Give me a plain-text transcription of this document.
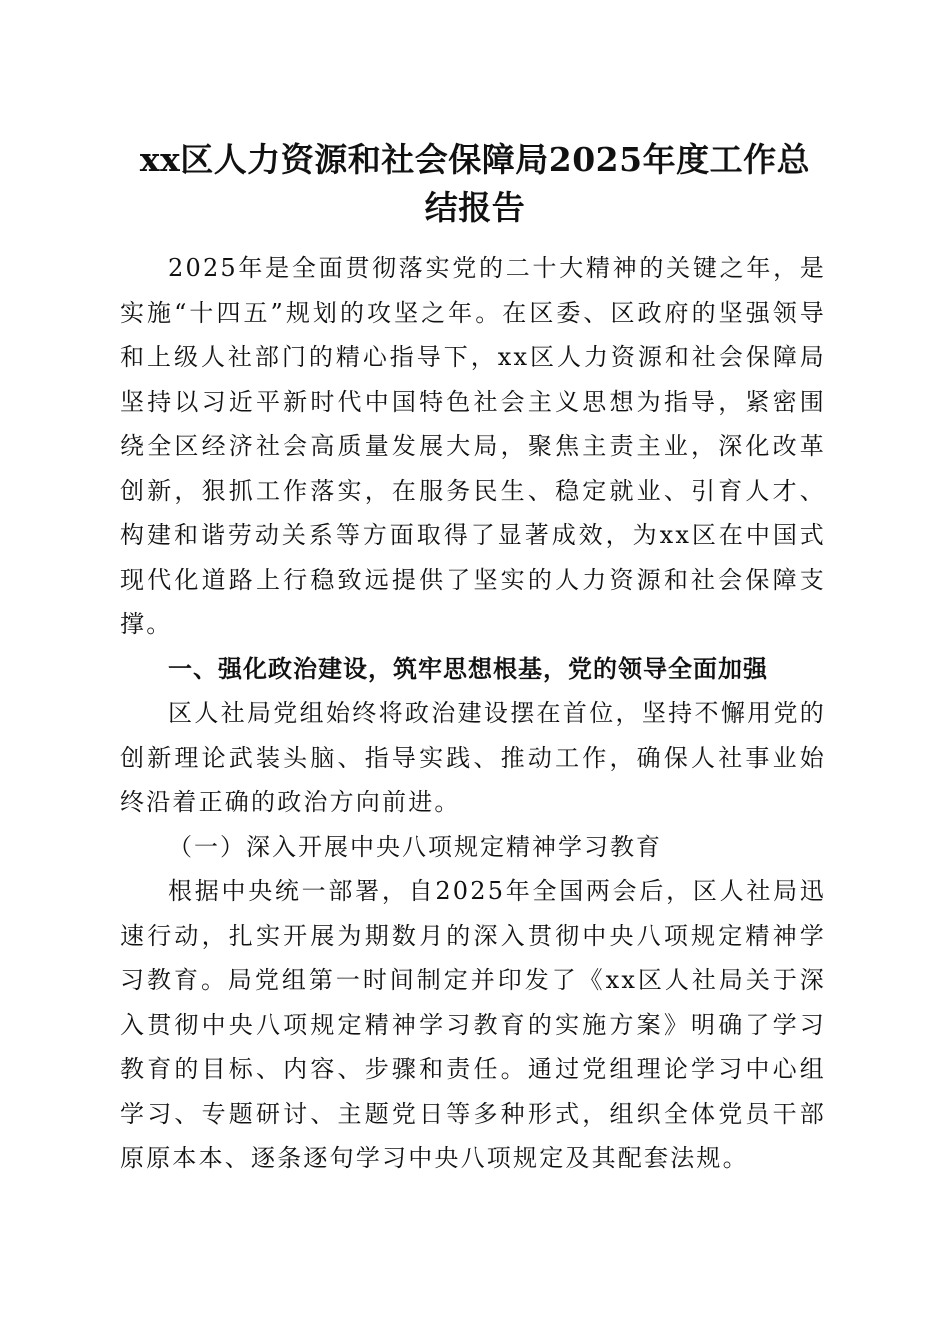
xx区人力资源和社会保障局2025年度工作总
结报告

2025年是全面贯彻落实党的二十大精神的关键之年，是实施“十四五”规划的攻坚之年。在区委、区政府的坚强领导和上级人社部门的精心指导下，xx区人力资源和社会保障局坚持以习近平新时代中国特色社会主义思想为指导，紧密围绕全区经济社会高质量发展大局，聚焦主责主业，深化改革创新，狠抓工作落实，在服务民生、稳定就业、引育人才、构建和谐劳动关系等方面取得了显著成效，为xx区在中国式现代化道路上行稳致远提供了坚实的人力资源和社会保障支撑。

一、强化政治建设，筑牢思想根基，党的领导全面加强

区人社局党组始终将政治建设摆在首位，坚持不懈用党的创新理论武装头脑、指导实践、推动工作，确保人社事业始终沿着正确的政治方向前进。

（一）深入开展中央八项规定精神学习教育

根据中央统一部署，自2025年全国两会后，区人社局迅速行动，扎实开展为期数月的深入贯彻中央八项规定精神学习教育。局党组第一时间制定并印发了《xx区人社局关于深入贯彻中央八项规定精神学习教育的实施方案》明确了学习教育的目标、内容、步骤和责任。通过党组理论学习中心组学习、专题研讨、主题党日等多种形式，组织全体党员干部原原本本、逐条逐句学习中央八项规定及其配套法规。
